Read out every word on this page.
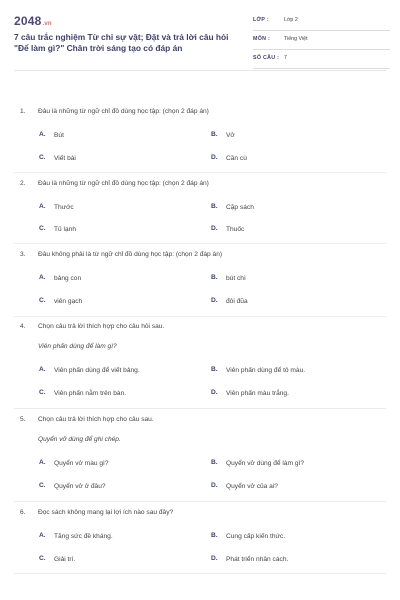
2048.vn
7 câu trắc nghiệm Từ chỉ sự vật; Đặt và trả lời câu hỏi "Để làm gì?" Chân trời sáng tạo có đáp án
LỚP :	Lớp 2
MÔN :	Tiếng Việt
SỐ CÂU : 7
1. Đâu là những từ ngữ chỉ đồ dùng học tập: (chọn 2 đáp án)
A. Bút	B. Vở
C. Viết bài	D. Cần cù
2. Đâu là những từ ngữ chỉ đồ dùng học tập: (chọn 2 đáp án)
A. Thước	B. Cặp sách
C. Tủ lạnh	D. Thuốc
3. Đâu không phải là từ ngữ chỉ đồ dùng học tập: (chọn 2 đáp án)
A. bảng con	B. bút chì
C. viên gạch	D. đôi đũa
4. Chọn câu trả lời thích hợp cho câu hỏi sau.
Viên phấn dùng để làm gì?
A. Viên phấn dùng để viết bảng.	B. Viên phấn dùng để tô màu.
C. Viên phấn nằm trên bàn.	D. Viên phấn màu trắng.
5. Chọn câu trả lời thích hợp cho câu sau.
Quyển vở dùng để ghi chép.
A. Quyển vở màu gì?	B. Quyển vở dùng để làm gì?
C. Quyển vở ở đâu?	D. Quyển vở của ai?
6. Đọc sách không mang lại lợi ích nào sau đây?
A. Tăng sức đề kháng.	B. Cung cấp kiến thức.
C. Giải trí.	D. Phát triển nhân cách.
